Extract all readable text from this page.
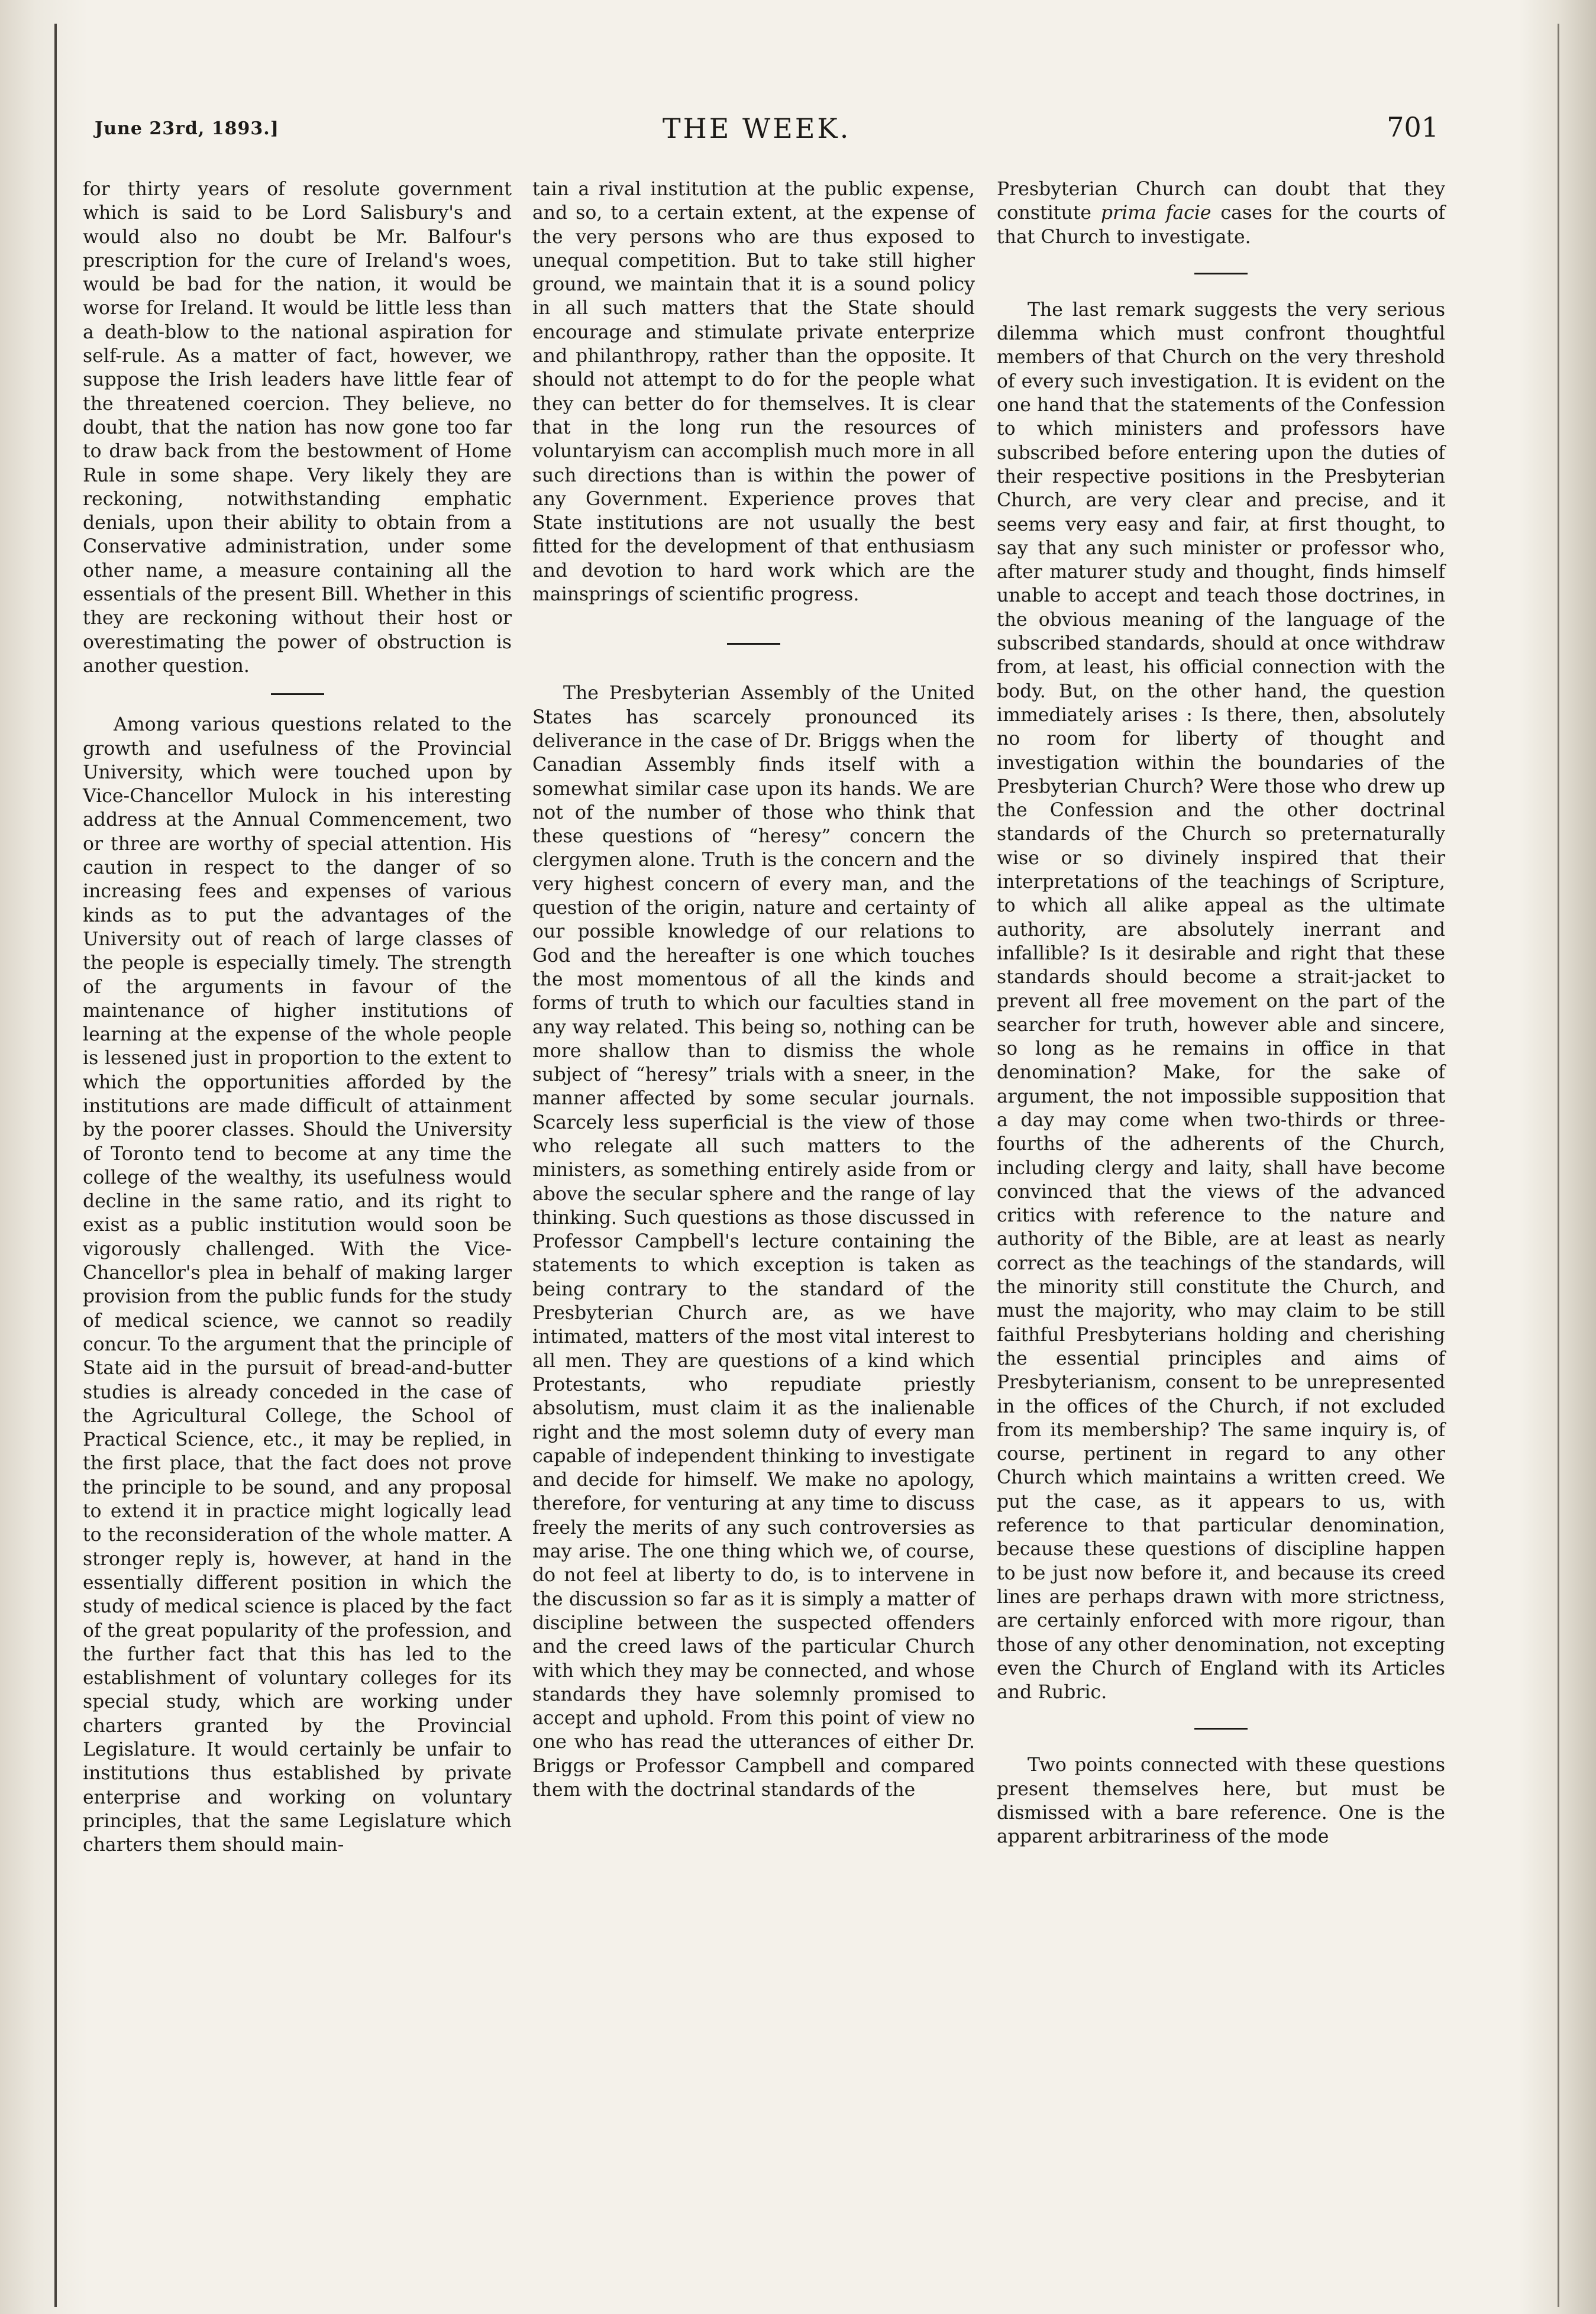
June 23rd, 1893.]	THE WEEK.	701

for thirty years of resolute government which is said to be Lord Salisbury's and would also no doubt be Mr. Balfour's prescription for the cure of Ireland's woes, would be bad for the nation, it would be worse for Ireland. It would be little less than a death-blow to the national aspiration for self-rule. As a matter of fact, however, we suppose the Irish leaders have little fear of the threatened coercion. They believe, no doubt, that the nation has now gone too far to draw back from the bestowment of Home Rule in some shape. Very likely they are reckoning, notwithstanding emphatic denials, upon their ability to obtain from a Conservative administration, under some other name, a measure containing all the essentials of the present Bill. Whether in this they are reckoning without their host or overestimating the power of obstruction is another question.

Among various questions related to the growth and usefulness of the Provincial University, which were touched upon by Vice-Chancellor Mulock in his interesting address at the Annual Commencement, two or three are worthy of special attention. His caution in respect to the danger of so increasing fees and expenses of various kinds as to put the advantages of the University out of reach of large classes of the people is especially timely. The strength of the arguments in favour of the maintenance of higher institutions of learning at the expense of the whole people is lessened just in proportion to the extent to which the opportunities afforded by the institutions are made difficult of attainment by the poorer classes. Should the University of Toronto tend to become at any time the college of the wealthy, its usefulness would decline in the same ratio, and its right to exist as a public institution would soon be vigorously challenged. With the Vice-Chancellor's plea in behalf of making larger provision from the public funds for the study of medical science, we cannot so readily concur. To the argument that the principle of State aid in the pursuit of bread-and-butter studies is already conceded in the case of the Agricultural College, the School of Practical Science, etc., it may be replied, in the first place, that the fact does not prove the principle to be sound, and any proposal to extend it in practice might logically lead to the reconsideration of the whole matter. A stronger reply is, however, at hand in the essentially different position in which the study of medical science is placed by the fact of the great popularity of the profession, and the further fact that this has led to the establishment of voluntary colleges for its special study, which are working under charters granted by the Provincial Legislature. It would certainly be unfair to institutions thus established by private enterprise and working on voluntary principles, that the same Legislature which charters them should main-

tain a rival institution at the public expense, and so, to a certain extent, at the expense of the very persons who are thus exposed to unequal competition. But to take still higher ground, we maintain that it is a sound policy in all such matters that the State should encourage and stimulate private enterprize and philanthropy, rather than the opposite. It should not attempt to do for the people what they can better do for themselves. It is clear that in the long run the resources of voluntaryism can accomplish much more in all such directions than is within the power of any Government. Experience proves that State institutions are not usually the best fitted for the development of that enthusiasm and devotion to hard work which are the mainsprings of scientific progress.

The Presbyterian Assembly of the United States has scarcely pronounced its deliverance in the case of Dr. Briggs when the Canadian Assembly finds itself with a somewhat similar case upon its hands. We are not of the number of those who think that these questions of “heresy” concern the clergymen alone. Truth is the concern and the very highest concern of every man, and the question of the origin, nature and certainty of our possible knowledge of our relations to God and the hereafter is one which touches the most momentous of all the kinds and forms of truth to which our faculties stand in any way related. This being so, nothing can be more shallow than to dismiss the whole subject of “heresy” trials with a sneer, in the manner affected by some secular journals. Scarcely less superficial is the view of those who relegate all such matters to the ministers, as something entirely aside from or above the secular sphere and the range of lay thinking. Such questions as those discussed in Professor Campbell's lecture containing the statements to which exception is taken as being contrary to the standard of the Presbyterian Church are, as we have intimated, matters of the most vital interest to all men. They are questions of a kind which Protestants, who repudiate priestly absolutism, must claim it as the inalienable right and the most solemn duty of every man capable of independent thinking to investigate and decide for himself. We make no apology, therefore, for venturing at any time to discuss freely the merits of any such controversies as may arise. The one thing which we, of course, do not feel at liberty to do, is to intervene in the discussion so far as it is simply a matter of discipline between the suspected offenders and the creed laws of the particular Church with which they may be connected, and whose standards they have solemnly promised to accept and uphold. From this point of view no one who has read the utterances of either Dr. Briggs or Professor Campbell and compared them with the doctrinal standards of the

Presbyterian Church can doubt that they constitute prima facie cases for the courts of that Church to investigate.

The last remark suggests the very serious dilemma which must confront thoughtful members of that Church on the very threshold of every such investigation. It is evident on the one hand that the statements of the Confession to which ministers and professors have subscribed before entering upon the duties of their respective positions in the Presbyterian Church, are very clear and precise, and it seems very easy and fair, at first thought, to say that any such minister or professor who, after maturer study and thought, finds himself unable to accept and teach those doctrines, in the obvious meaning of the language of the subscribed standards, should at once withdraw from, at least, his official connection with the body. But, on the other hand, the question immediately arises : Is there, then, absolutely no room for liberty of thought and investigation within the boundaries of the Presbyterian Church? Were those who drew up the Confession and the other doctrinal standards of the Church so preternaturally wise or so divinely inspired that their interpretations of the teachings of Scripture, to which all alike appeal as the ultimate authority, are absolutely inerrant and infallible? Is it desirable and right that these standards should become a strait-jacket to prevent all free movement on the part of the searcher for truth, however able and sincere, so long as he remains in office in that denomination? Make, for the sake of argument, the not impossible supposition that a day may come when two-thirds or three-fourths of the adherents of the Church, including clergy and laity, shall have become convinced that the views of the advanced critics with reference to the nature and authority of the Bible, are at least as nearly correct as the teachings of the standards, will the minority still constitute the Church, and must the majority, who may claim to be still faithful Presbyterians holding and cherishing the essential principles and aims of Presbyterianism, consent to be unrepresented in the offices of the Church, if not excluded from its membership? The same inquiry is, of course, pertinent in regard to any other Church which maintains a written creed. We put the case, as it appears to us, with reference to that particular denomination, because these questions of discipline happen to be just now before it, and because its creed lines are perhaps drawn with more strictness, are certainly enforced with more rigour, than those of any other denomination, not excepting even the Church of England with its Articles and Rubric.

Two points connected with these questions present themselves here, but must be dismissed with a bare reference. One is the apparent arbitrariness of the mode
